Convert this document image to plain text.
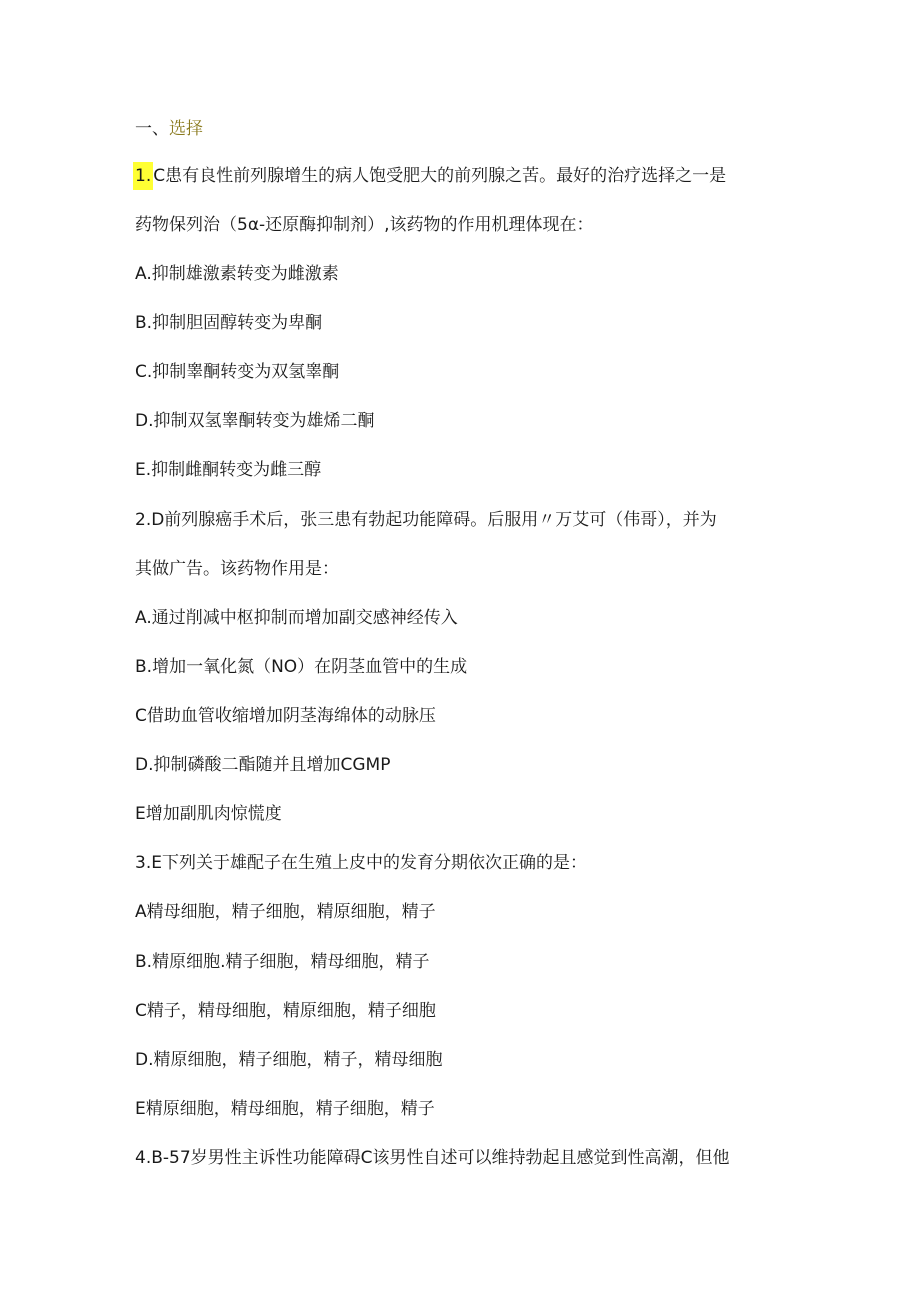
一、选择
1. C患有良性前列腺增生的病人饱受肥大的前列腺之苦。最好的治疗选择之一是
药物保列治（5α-还原酶抑制剂）,该药物的作用机理体现在：
A.抑制雄激素转变为雌激素
B.抑制胆固醇转变为卑酮
C.抑制睾酮转变为双氢睾酮
D.抑制双氢睾酮转变为雄烯二酮
E.抑制雌酮转变为雌三醇
2.D前列腺癌手术后，张三患有勃起功能障碍。后服用〃万艾可（伟哥），并为
其做广告。该药物作用是：
A.通过削减中枢抑制而增加副交感神经传入
B.增加一氧化氮（NO）在阴茎血管中的生成
C借助血管收缩增加阴茎海绵体的动脉压
D.抑制磷酸二酯随并且增加CGMP
E增加副肌肉惊慌度
3.E下列关于雄配子在生殖上皮中的发育分期依次正确的是：
A精母细胞，精子细胞，精原细胞，精子
B.精原细胞.精子细胞，精母细胞，精子
C精子，精母细胞，精原细胞，精子细胞
D.精原细胞，精子细胞，精子，精母细胞
E精原细胞，精母细胞，精子细胞，精子
4.B-57岁男性主诉性功能障碍C该男性自述可以维持勃起且感觉到性高潮，但他
